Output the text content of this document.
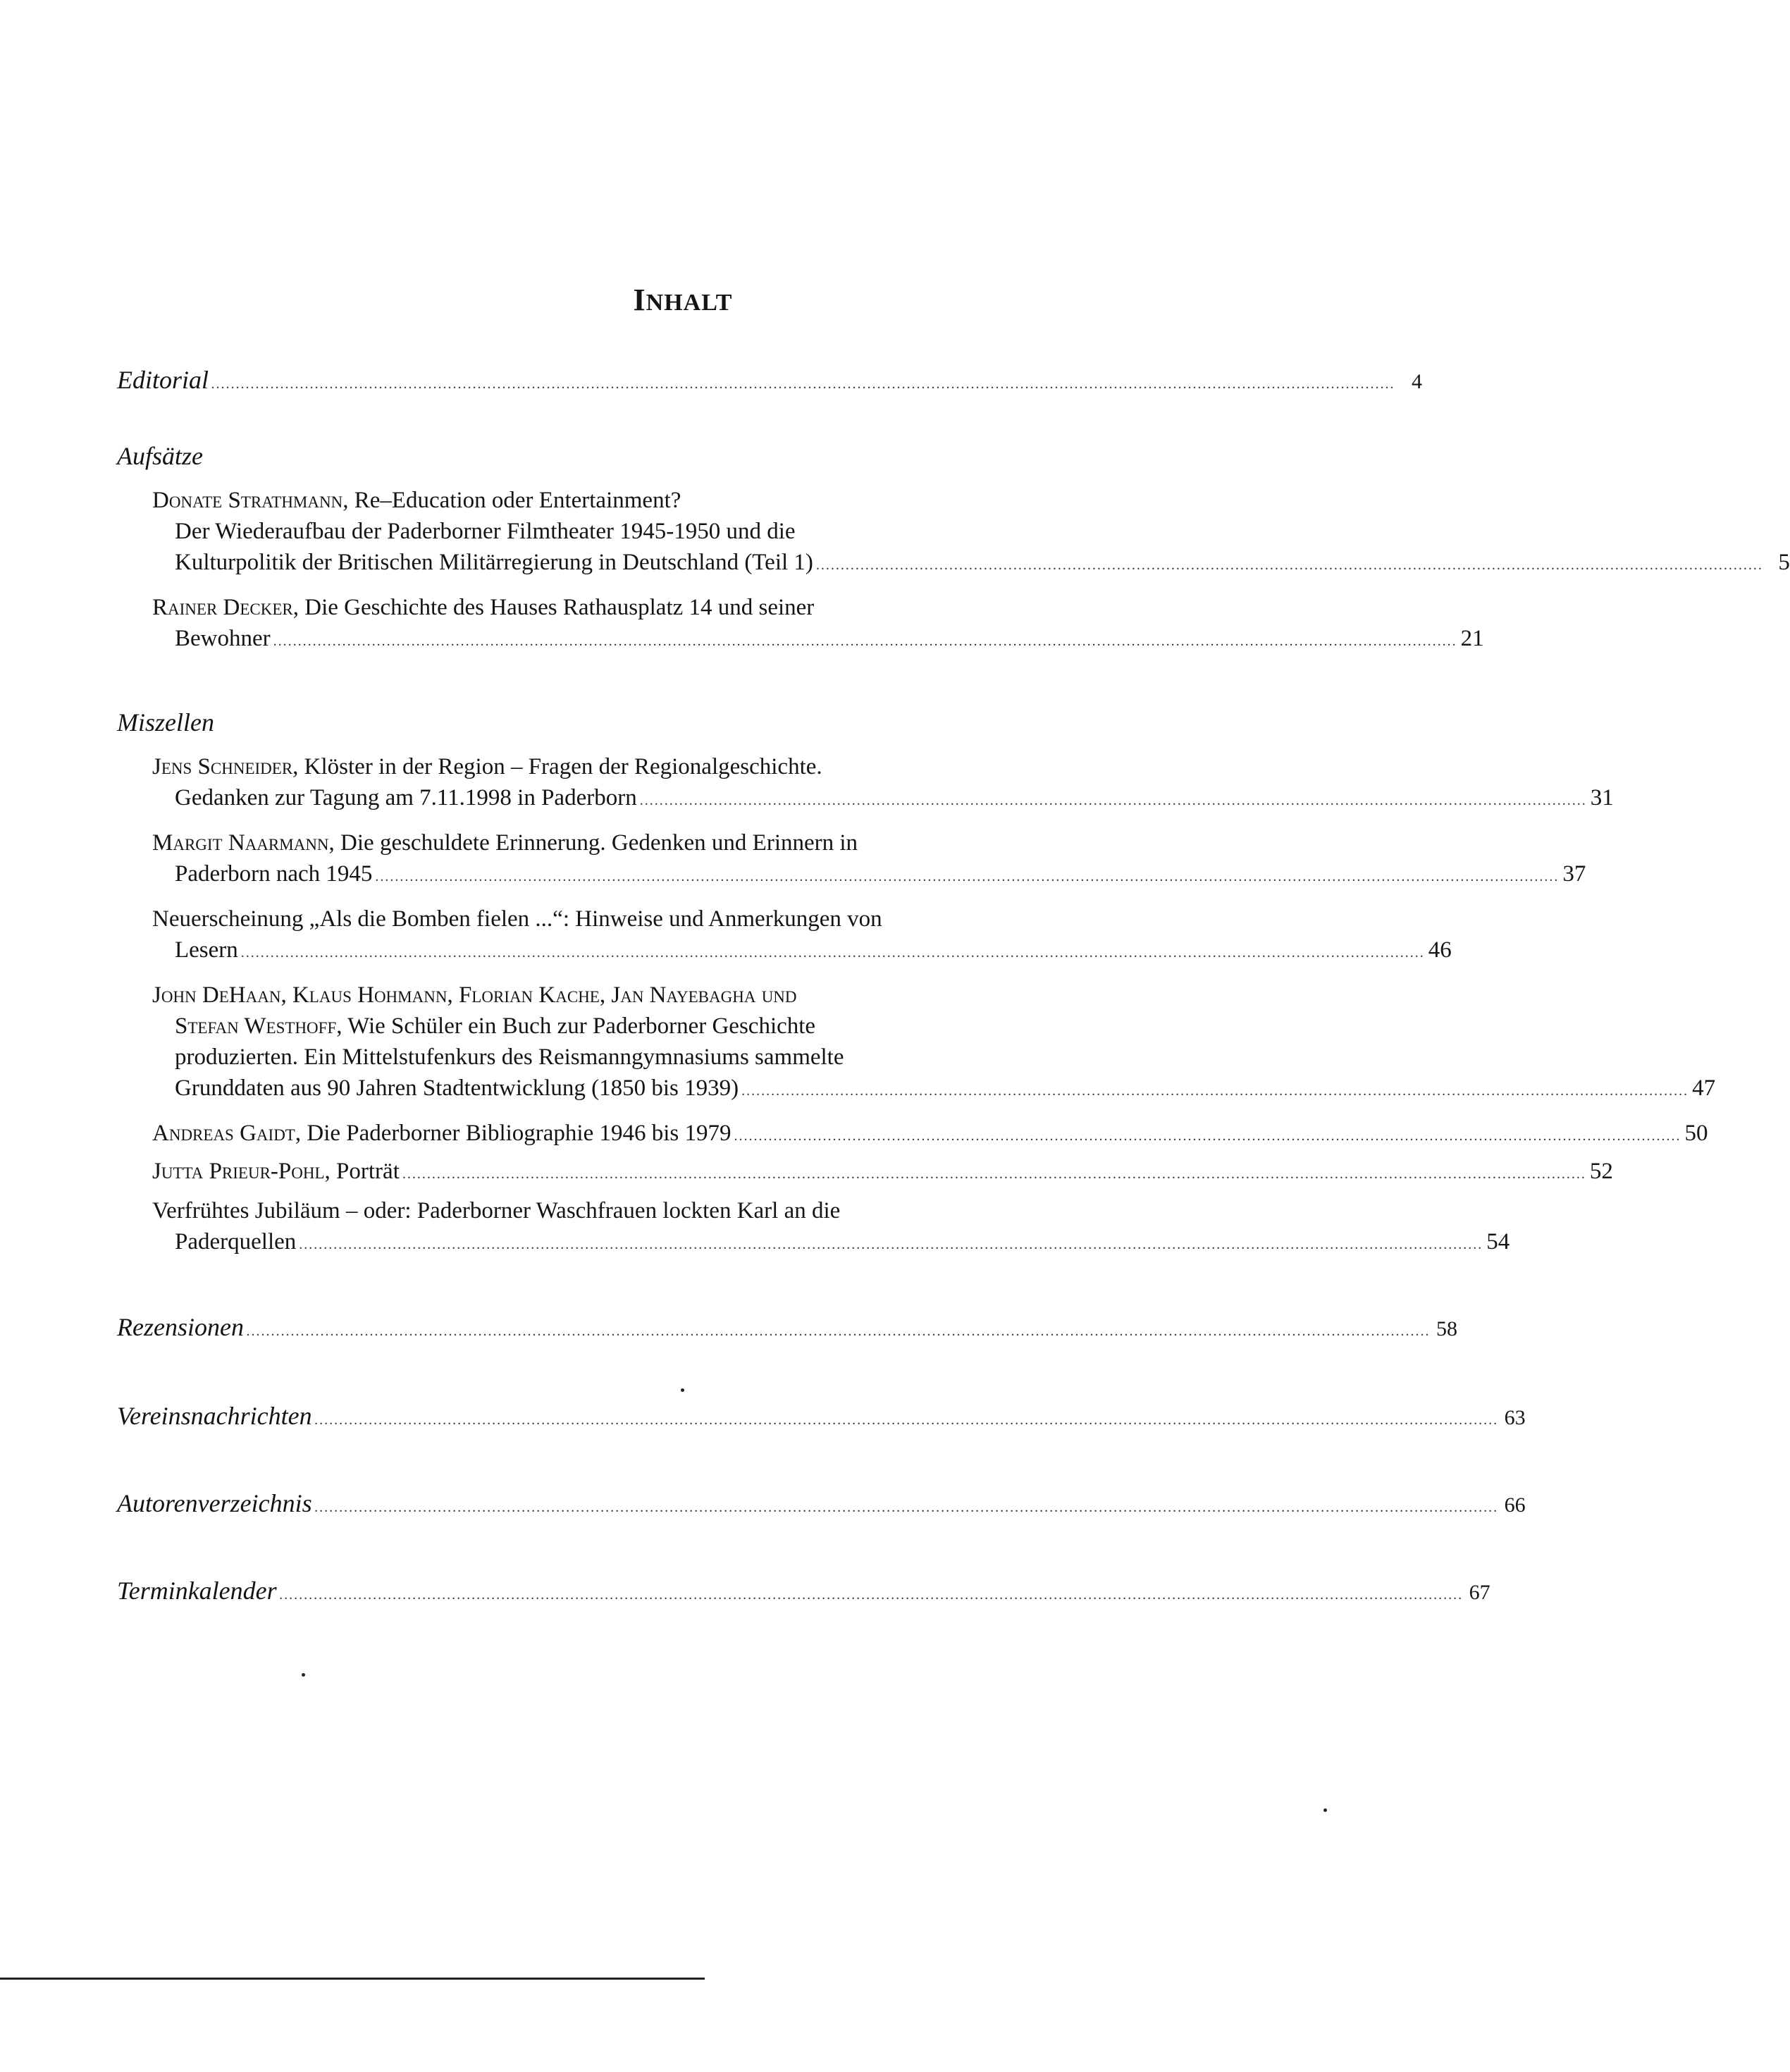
INHALT
Editorial ................................................................................................................................................................................................................................................ 4
Aufsätze
Donate Strathmann, Re–Education oder Entertainment?
Der Wiederaufbau der Paderborner Filmtheater 1945-1950 und die
Kulturpolitik der Britischen Militärregierung in Deutschland (Teil 1) ................................................................................................................................................................................................ 5
Rainer Decker, Die Geschichte des Hauses Rathausplatz 14 und seiner
Bewohner ................................................................................................................................................................................................................................................ 21
Miszellen
Jens Schneider, Klöster in der Region – Fragen der Regionalgeschichte.
Gedanken zur Tagung am 7.11.1998 in Paderborn ................................................................................................................................................................................................ 31
Margit Naarmann, Die geschuldete Erinnerung. Gedenken und Erinnern in
Paderborn nach 1945 ................................................................................................................................................................................................................................................ 37
Neuerscheinung „Als die Bomben fielen ...“: Hinweise und Anmerkungen von
Lesern ................................................................................................................................................................................................................................................ 46
John DeHaan, Klaus Hohmann, Florian Kache, Jan Nayebagha und
Stefan Westhoff, Wie Schüler ein Buch zur Paderborner Geschichte
produzierten. Ein Mittelstufenkurs des Reismanngymnasiums sammelte
Grunddaten aus 90 Jahren Stadtentwicklung (1850 bis 1939) ................................................................................................................................................................................................ 47
Andreas Gaidt, Die Paderborner Bibliographie 1946 bis 1979 ................................................................................................................................................................................................ 50
Jutta Prieur-Pohl, Porträt ................................................................................................................................................................................................................................................ 52
Verfrühtes Jubiläum – oder: Paderborner Waschfrauen lockten Karl an die
Paderquellen ................................................................................................................................................................................................................................................ 54
Rezensionen ................................................................................................................................................................................................................................................ 58
Vereinsnachrichten ................................................................................................................................................................................................................................................ 63
Autorenverzeichnis ................................................................................................................................................................................................................................................ 66
Terminkalender ................................................................................................................................................................................................................................................ 67
